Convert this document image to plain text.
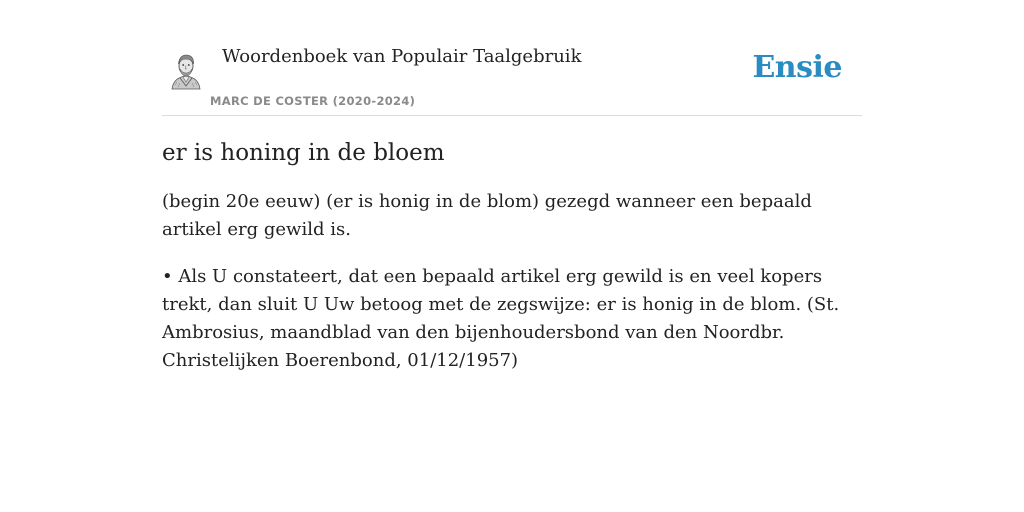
Woordenboek van Populair Taalgebruik
MARC DE COSTER (2020-2024)
Ensie
er is honing in de bloem

(begin 20e eeuw) (er is honig in de blom) gezegd wanneer een bepaald artikel erg gewild is.

• Als U constateert, dat een bepaald artikel erg gewild is en veel kopers trekt, dan sluit U Uw betoog met de zegswijze: er is honig in de blom. (St. Ambrosius, maandblad van den bijenhoudersbond van den Noordbr. Christelijken Boerenbond, 01/12/1957)
